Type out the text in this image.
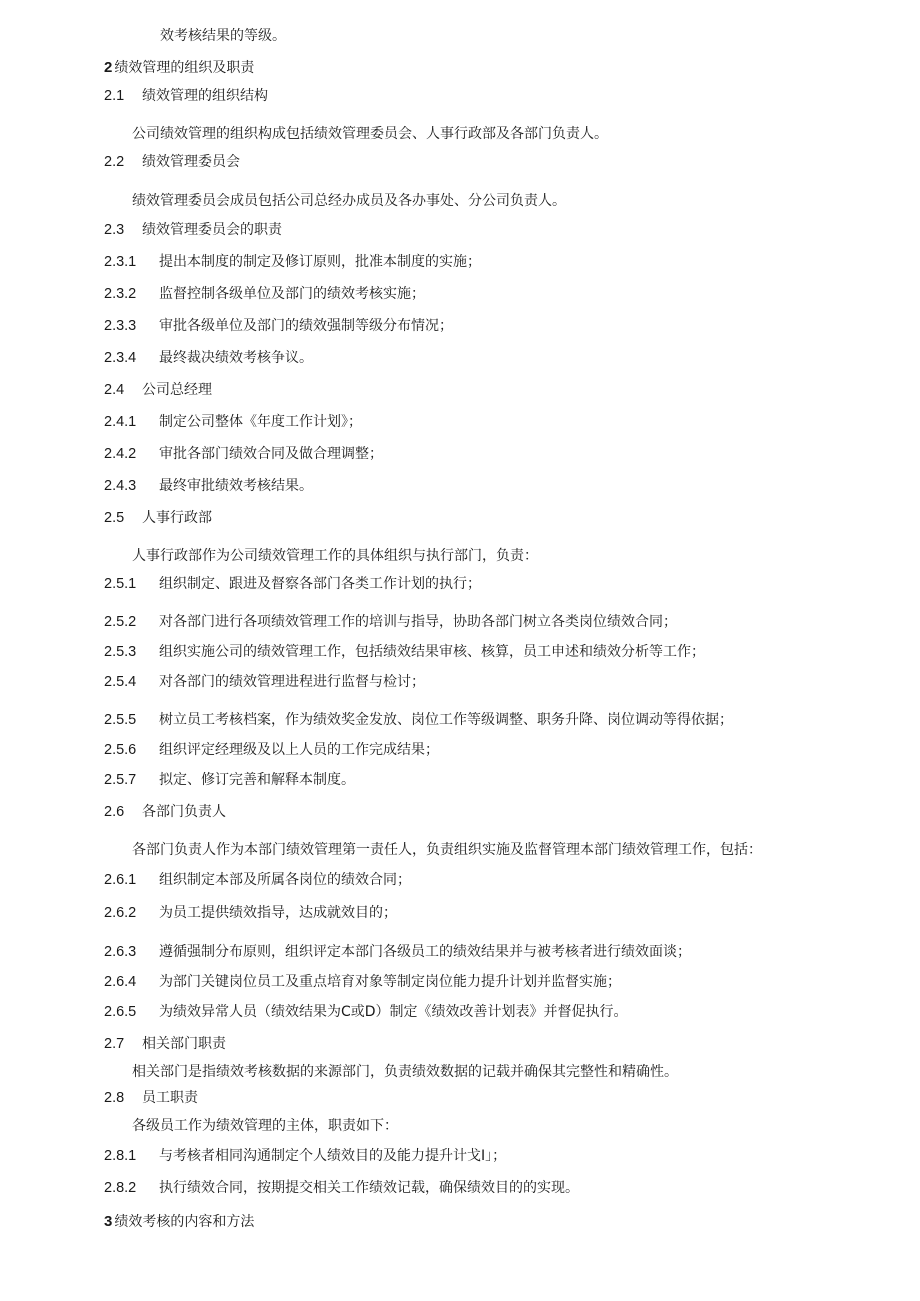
效考核结果的等级。
2 绩效管理的组织及职责
2.1 绩效管理的组织结构
公司绩效管理的组织构成包括绩效管理委员会、人事行政部及各部门负责人。
2.2 绩效管理委员会
绩效管理委员会成员包括公司总经办成员及各办事处、分公司负责人。
2.3 绩效管理委员会的职责
2.3.1 提出本制度的制定及修订原则，批准本制度的实施；
2.3.2 监督控制各级单位及部门的绩效考核实施；
2.3.3 审批各级单位及部门的绩效强制等级分布情况；
2.3.4 最终裁决绩效考核争议。
2.4 公司总经理
2.4.1 制定公司整体《年度工作计划》；
2.4.2 审批各部门绩效合同及做合理调整；
2.4.3 最终审批绩效考核结果。
2.5 人事行政部
人事行政部作为公司绩效管理工作的具体组织与执行部门，负责：
2.5.1 组织制定、跟进及督察各部门各类工作计划的执行；
2.5.2 对各部门进行各项绩效管理工作的培训与指导，协助各部门树立各类岗位绩效合同；
2.5.3 组织实施公司的绩效管理工作，包括绩效结果审核、核算，员工申述和绩效分析等工作；
2.5.4 对各部门的绩效管理进程进行监督与检讨；
2.5.5 树立员工考核档案，作为绩效奖金发放、岗位工作等级调整、职务升降、岗位调动等得依据；
2.5.6 组织评定经理级及以上人员的工作完成结果；
2.5.7 拟定、修订完善和解释本制度。
2.6 各部门负责人
各部门负责人作为本部门绩效管理第一责任人，负责组织实施及监督管理本部门绩效管理工作，包括：
2.6.1 组织制定本部及所属各岗位的绩效合同；
2.6.2 为员工提供绩效指导，达成就效目的；
2.6.3 遵循强制分布原则，组织评定本部门各级员工的绩效结果并与被考核者进行绩效面谈；
2.6.4 为部门关键岗位员工及重点培育对象等制定岗位能力提升计划并监督实施；
2.6.5 为绩效异常人员（绩效结果为C或D）制定《绩效改善计划表》并督促执行。
2.7 相关部门职责
相关部门是指绩效考核数据的来源部门，负责绩效数据的记载并确保其完整性和精确性。
2.8 员工职责
各级员工作为绩效管理的主体，职责如下：
2.8.1 与考核者相同沟通制定个人绩效目的及能力提升计戈I」；
2.8.2 执行绩效合同，按期提交相关工作绩效记载，确保绩效目的的实现。
3 绩效考核的内容和方法
